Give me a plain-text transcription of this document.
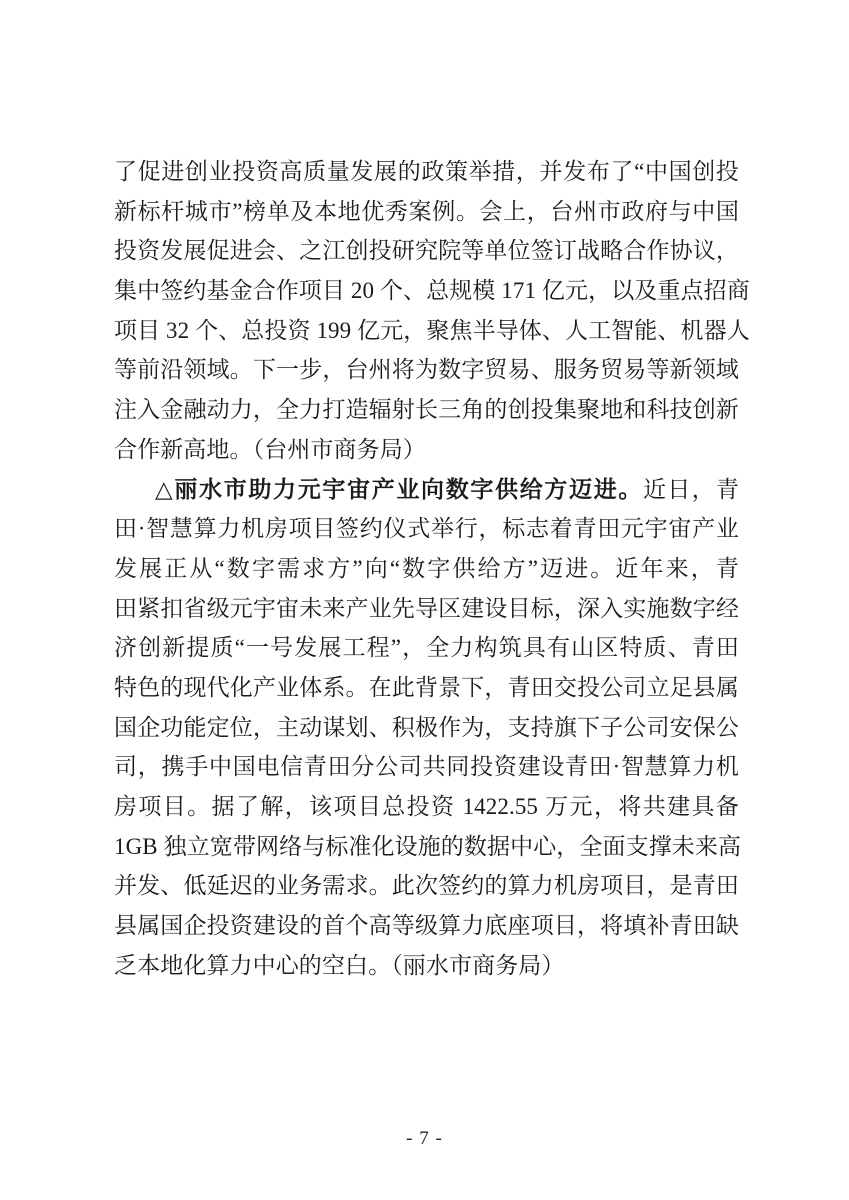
了促进创业投资高质量发展的政策举措，并发布了“中国创投
新标杆城市”榜单及本地优秀案例。会上，台州市政府与中国
投资发展促进会、之江创投研究院等单位签订战略合作协议，
集中签约基金合作项目 20 个、总规模 171 亿元，以及重点招商
项目 32 个、总投资 199 亿元，聚焦半导体、人工智能、机器人
等前沿领域。下一步，台州将为数字贸易、服务贸易等新领域
注入金融动力，全力打造辐射长三角的创投集聚地和科技创新
合作新高地。（台州市商务局）
△丽水市助力元宇宙产业向数字供给方迈进。近日，青
田·智慧算力机房项目签约仪式举行，标志着青田元宇宙产业
发展正从“数字需求方”向“数字供给方”迈进。近年来，青
田紧扣省级元宇宙未来产业先导区建设目标，深入实施数字经
济创新提质“一号发展工程”，全力构筑具有山区特质、青田
特色的现代化产业体系。在此背景下，青田交投公司立足县属
国企功能定位，主动谋划、积极作为，支持旗下子公司安保公
司，携手中国电信青田分公司共同投资建设青田·智慧算力机
房项目。据了解，该项目总投资 1422.55 万元，将共建具备
1GB 独立宽带网络与标准化设施的数据中心，全面支撑未来高
并发、低延迟的业务需求。此次签约的算力机房项目，是青田
县属国企投资建设的首个高等级算力底座项目，将填补青田缺
乏本地化算力中心的空白。（丽水市商务局）
- 7 -
